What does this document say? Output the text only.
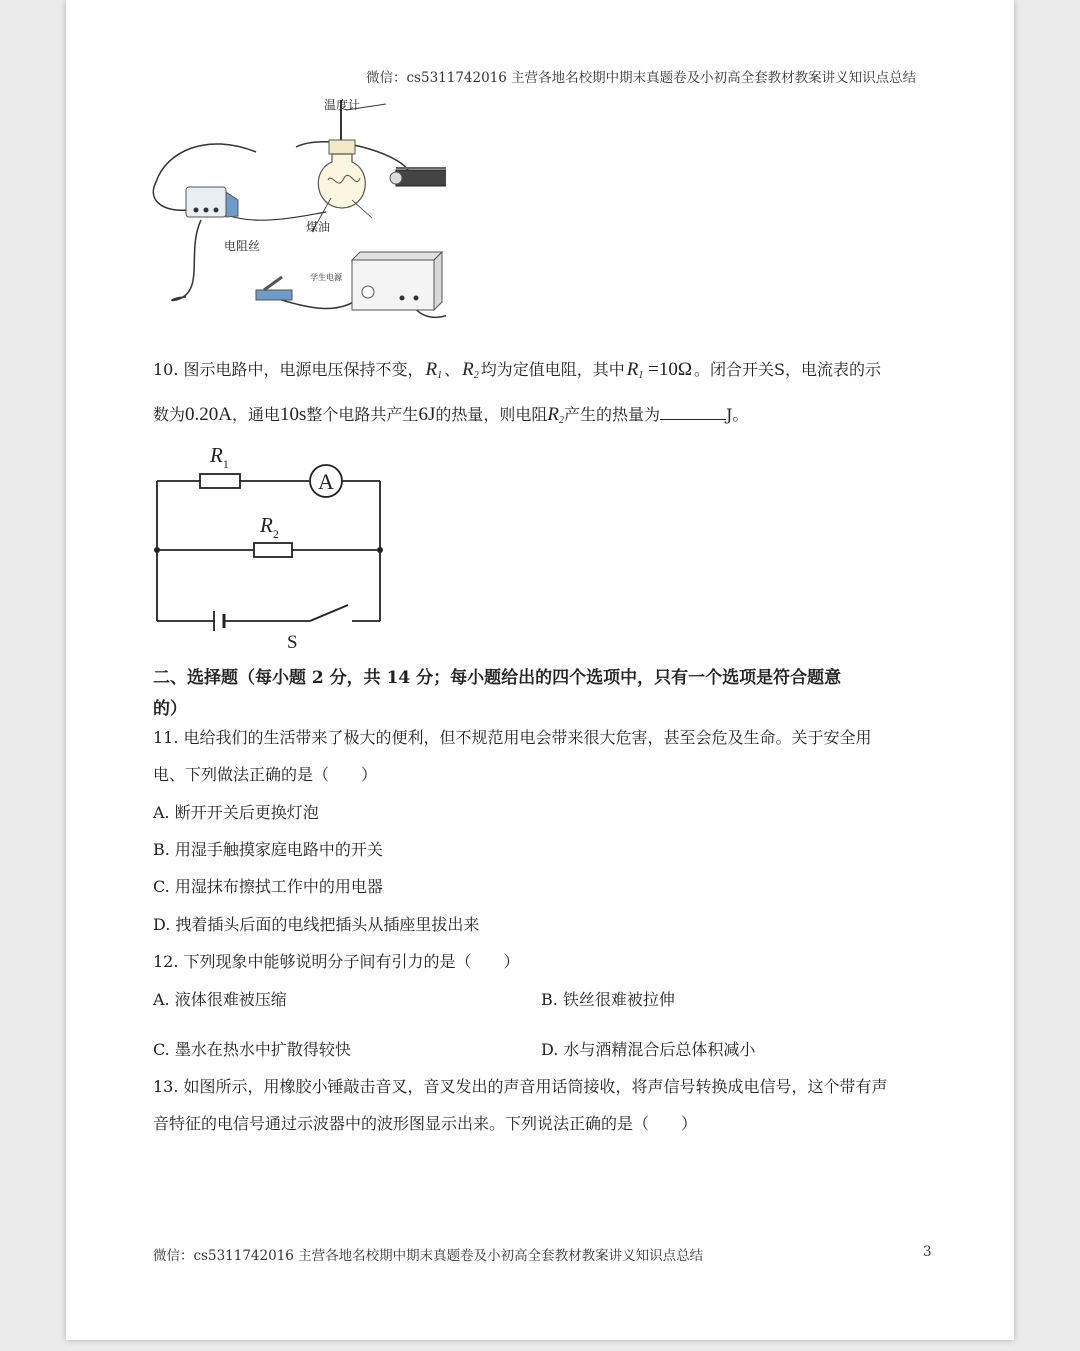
微信：cs5311742016 主营各地名校期中期末真题卷及小初高全套教材教案讲义知识点总结
温度计
煤油
电阻丝
学生电源
10. 图示电路中，电源电压保持不变， $R_1$ 、 $R_2$ 均为定值电阻，其中 $R_1 =10\Omega$ 。闭合开关S，电流表的示
数为0.20A，通电10s整个电路共产生6J的热量，则电阻$R_2$产生的热量为	J。
A
$R_1$
$R_2$
S
二、选择题（每小题 2 分，共 14 分；每小题给出的四个选项中，只有一个选项是符合题意
的）
11. 电给我们的生活带来了极大的便利，但不规范用电会带来很大危害，甚至会危及生命。关于安全用
电、下列做法正确的是（　　）
A. 断开开关后更换灯泡
B. 用湿手触摸家庭电路中的开关
C. 用湿抹布擦拭工作中的用电器
D. 拽着插头后面的电线把插头从插座里拔出来
12. 下列现象中能够说明分子间有引力的是（　　）
A. 液体很难被压缩	B. 铁丝很难被拉伸
C. 墨水在热水中扩散得较快	D. 水与酒精混合后总体积减小
13. 如图所示，用橡胶小锤敲击音叉，音叉发出的声音用话筒接收，将声信号转换成电信号，这个带有声
音特征的电信号通过示波器中的波形图显示出来。下列说法正确的是（　　）
微信：cs5311742016 主营各地名校期中期末真题卷及小初高全套教材教案讲义知识点总结	3
